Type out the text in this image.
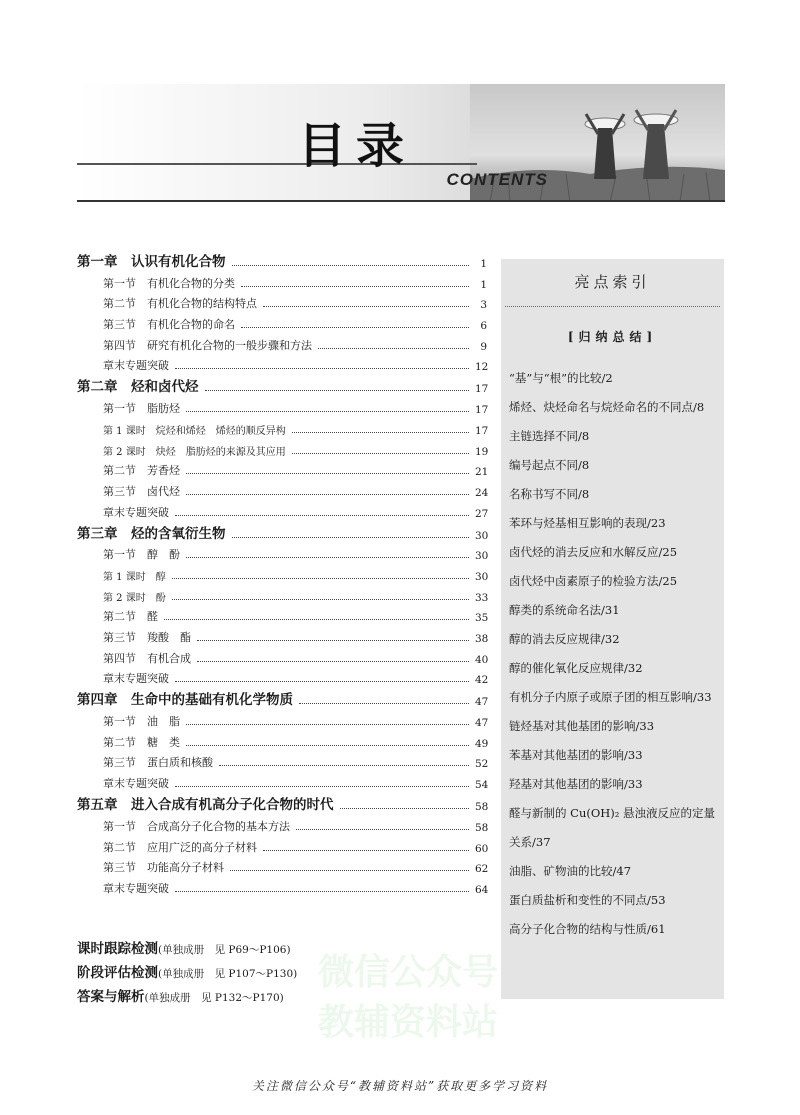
目录
CONTENTS
第一章　认识有机化合物	1
第一节　有机化合物的分类	1
第二节　有机化合物的结构特点	3
第三节　有机化合物的命名	6
第四节　研究有机化合物的一般步骤和方法	9
章末专题突破	12
第二章　烃和卤代烃	17
第一节　脂肪烃	17
第 1 课时　烷烃和烯烃　烯烃的顺反异构	17
第 2 课时　炔烃　脂肪烃的来源及其应用	19
第二节　芳香烃	21
第三节　卤代烃	24
章末专题突破	27
第三章　烃的含氧衍生物	30
第一节　醇　酚	30
第 1 课时　醇	30
第 2 课时　酚	33
第二节　醛	35
第三节　羧酸　酯	38
第四节　有机合成	40
章末专题突破	42
第四章　生命中的基础有机化学物质	47
第一节　油　脂	47
第二节　糖　类	49
第三节　蛋白质和核酸	52
章末专题突破	54
第五章　进入合成有机高分子化合物的时代	58
第一节　合成高分子化合物的基本方法	58
第二节　应用广泛的高分子材料	60
第三节　功能高分子材料	62
章末专题突破	64
课时跟踪检测(单独成册　见 P69～P106)
阶段评估检测(单独成册　见 P107～P130)
答案与解析(单独成册　见 P132～P170)
亮点索引
[归纳总结]
“基”与“根”的比较/2
烯烃、炔烃命名与烷烃命名的不同点/8
主链选择不同/8
编号起点不同/8
名称书写不同/8
苯环与烃基相互影响的表现/23
卤代烃的消去反应和水解反应/25
卤代烃中卤素原子的检验方法/25
醇类的系统命名法/31
醇的消去反应规律/32
醇的催化氧化反应规律/32
有机分子内原子或原子团的相互影响/33
链烃基对其他基团的影响/33
苯基对其他基团的影响/33
羟基对其他基团的影响/33
醛与新制的 Cu(OH)₂ 悬浊液反应的定量关系/37
油脂、矿物油的比较/47
蛋白质盐析和变性的不同点/53
高分子化合物的结构与性质/61
微信公众号
教辅资料站
关注微信公众号“教辅资料站”获取更多学习资料
